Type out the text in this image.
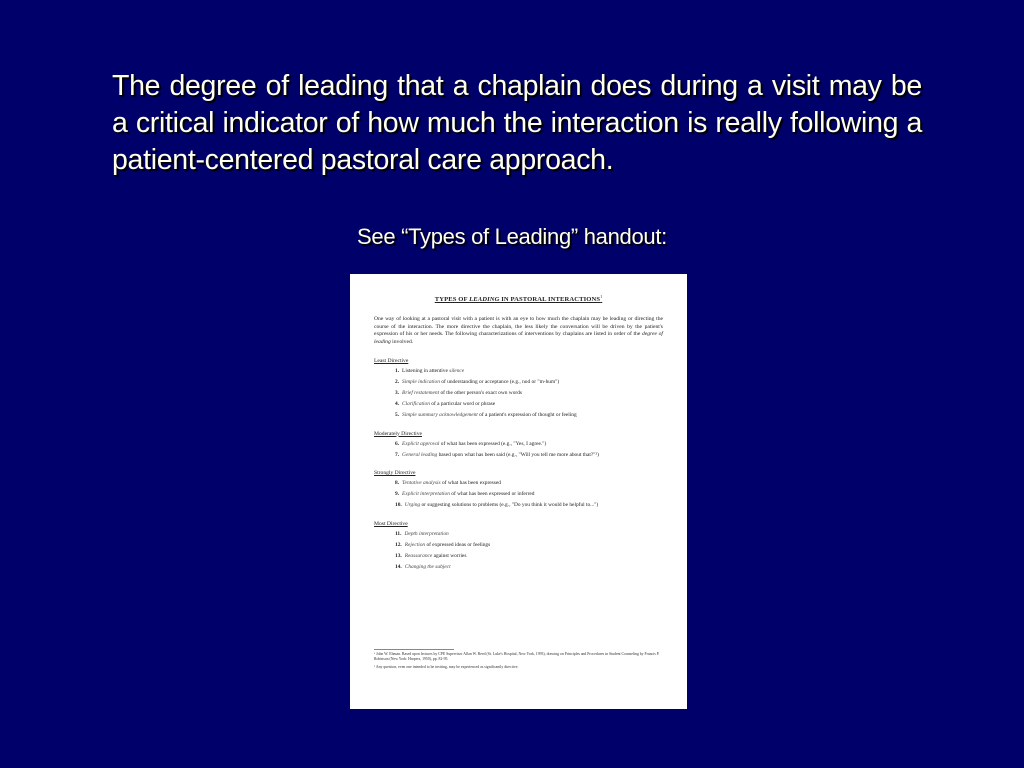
The degree of leading that a chaplain does during a visit may be a critical indicator of how much the interaction is really following a patient-centered pastoral care approach.
See “Types of Leading” handout:
TYPES OF LEADING IN PASTORAL INTERACTIONS$^1$
One way of looking at a pastoral visit with a patient is with an eye to how much the chaplain may be leading or directing the course of the interaction. The more directive the chaplain, the less likely the conversation will be driven by the patient's expression of his or her needs. The following characterizations of interventions by chaplains are listed in order of the degree of leading involved.
Least Directive
1. Listening in attentive silence
2. Simple indication of understanding or acceptance (e.g., nod or "m-hum")
3. Brief restatement of the other person's exact own words
4. Clarification of a particular word or phrase
5. Simple summary acknowledgement of a patient's expression of thought or feeling
Moderately Directive
6. Explicit approval of what has been expressed (e.g., "Yes, I agree.")
7. General leading based upon what has been said (e.g., "Will you tell me more about that?"²)
Strongly Directive
8. Tentative analysis of what has been expressed
9. Explicit interpretation of what has been expressed or inferred
10. Urging or suggesting solutions to problems (e.g., "Do you think it would be helpful to...")
Most Directive
11. Depth interpretation
12. Rejection of expressed ideas or feelings
13. Reassurance against worries
14. Changing the subject

¹ John W. Ehman. Based upon lectures by CPE Supervisor Allan W. Reed (St. Luke's Hospital, New York, 1993), drawing on Principles and Procedures in Student Counseling by Francis P. Robinson (New York: Harpers, 1950), pp. 82-95.

² Any question, even one intended to be inviting, may be experienced as significantly directive.
